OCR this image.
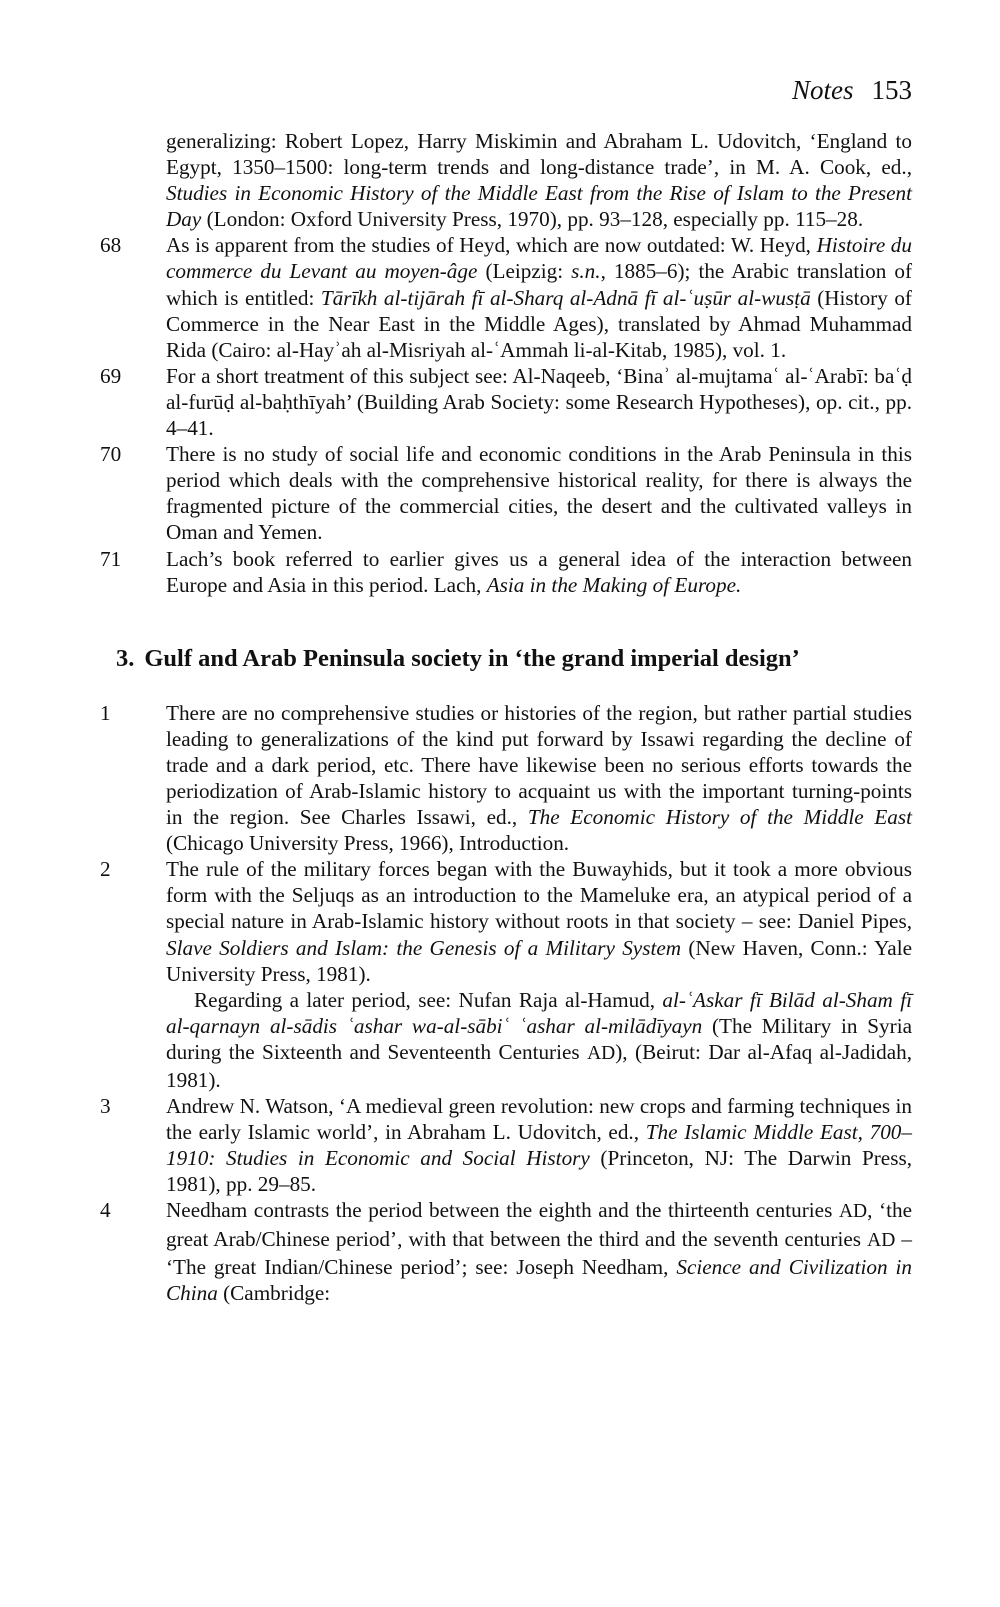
Notes 153

generalizing: Robert Lopez, Harry Miskimin and Abraham L. Udovitch, ‘England to Egypt, 1350–1500: long-term trends and long-distance trade’, in M. A. Cook, ed., Studies in Economic History of the Middle East from the Rise of Islam to the Present Day (London: Oxford University Press, 1970), pp. 93–128, especially pp. 115–28.

68	As is apparent from the studies of Heyd, which are now outdated: W. Heyd, Histoire du commerce du Levant au moyen-âge (Leipzig: s.n., 1885–6); the Arabic translation of which is entitled: Tārīkh al-tijārah fī al-Sharq al-Adnā fī al-ʿuṣūr al-wusṭā (History of Commerce in the Near East in the Middle Ages), translated by Ahmad Muhammad Rida (Cairo: al-Hayʾah al-Misriyah al-ʿAmmah li-al-Kitab, 1985), vol. 1.

69	For a short treatment of this subject see: Al-Naqeeb, ‘Binaʾ al-mujtamaʿ al-ʿArabī: baʿḍ al-furūḍ al-baḥthīyah’ (Building Arab Society: some Research Hypotheses), op. cit., pp. 4–41.

70	There is no study of social life and economic conditions in the Arab Peninsula in this period which deals with the comprehensive historical reality, for there is always the fragmented picture of the commercial cities, the desert and the cultivated valleys in Oman and Yemen.

71	Lach’s book referred to earlier gives us a general idea of the interaction between Europe and Asia in this period. Lach, Asia in the Making of Europe.

3. Gulf and Arab Peninsula society in ‘the grand imperial design’
1	There are no comprehensive studies or histories of the region, but rather partial studies leading to generalizations of the kind put forward by Issawi regarding the decline of trade and a dark period, etc. There have likewise been no serious efforts towards the periodization of Arab-Islamic history to acquaint us with the important turning-points in the region. See Charles Issawi, ed., The Economic History of the Middle East (Chicago University Press, 1966), Introduction.

2	The rule of the military forces began with the Buwayhids, but it took a more obvious form with the Seljuqs as an introduction to the Mameluke era, an atypical period of a special nature in Arab-Islamic history without roots in that society – see: Daniel Pipes, Slave Soldiers and Islam: the Genesis of a Military System (New Haven, Conn.: Yale University Press, 1981).

Regarding a later period, see: Nufan Raja al-Hamud, al-ʿAskar fī Bilād al-Sham fī al-qarnayn al-sādis ʿashar wa-al-sābiʿ ʿashar al-milādīyayn (The Military in Syria during the Sixteenth and Seventeenth Centuries AD), (Beirut: Dar al-Afaq al-Jadidah, 1981).

3	Andrew N. Watson, ‘A medieval green revolution: new crops and farming techniques in the early Islamic world’, in Abraham L. Udovitch, ed., The Islamic Middle East, 700–1910: Studies in Economic and Social History (Princeton, NJ: The Darwin Press, 1981), pp. 29–85.

4	Needham contrasts the period between the eighth and the thirteenth centuries AD, ‘the great Arab/Chinese period’, with that between the third and the seventh centuries AD – ‘The great Indian/Chinese period’; see: Joseph Needham, Science and Civilization in China (Cambridge:
